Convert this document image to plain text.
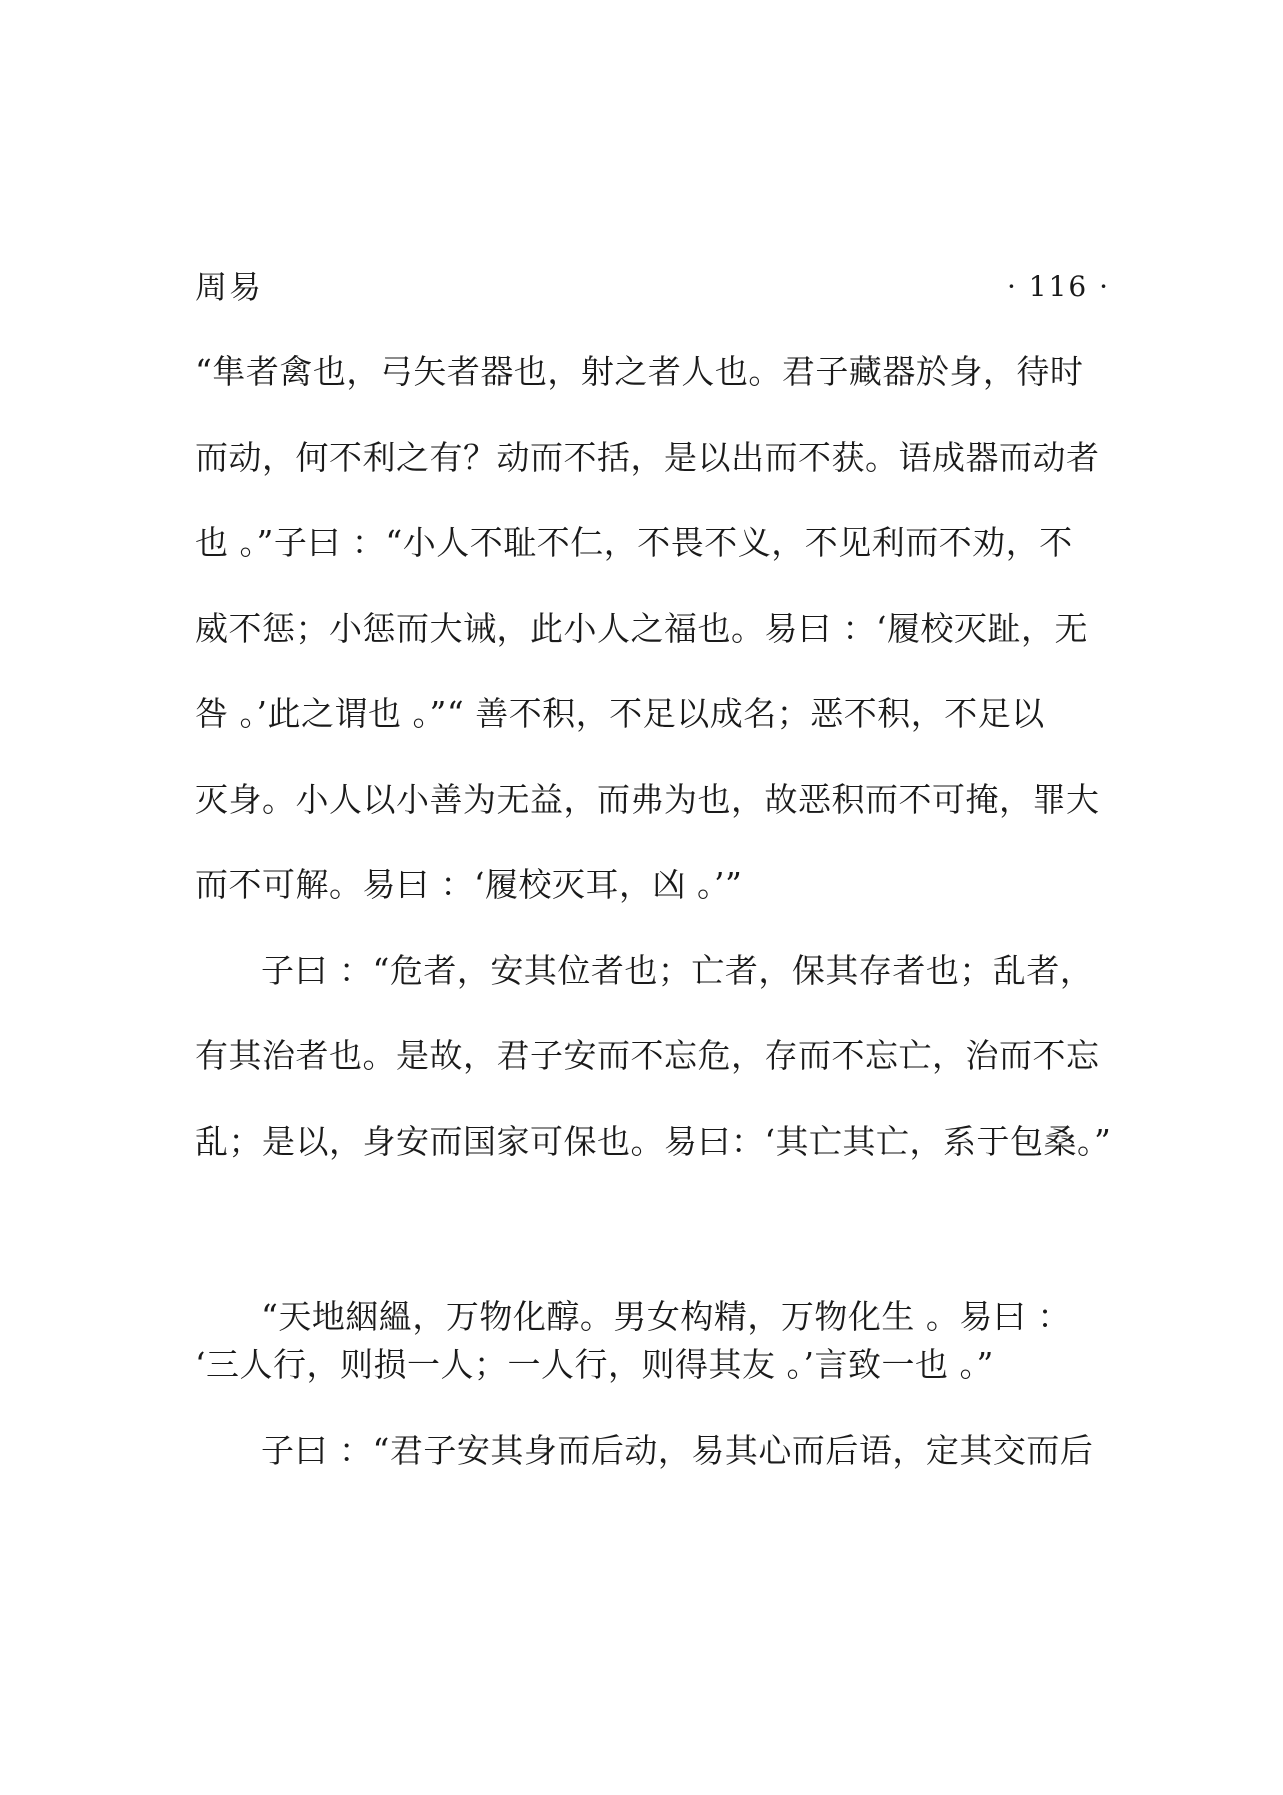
周易	· 116 ·
“隼者禽也，弓矢者器也，射之者人也。君子藏器於身，待时
而动，何不利之有？动而不括，是以出而不获。语成器而动者
也 。”子曰 ：“小人不耻不仁，不畏不义，不见利而不劝，不
威不惩；小惩而大诫，此小人之福也。易曰 ：‘履校灭趾，无
咎 。’此之谓也 。”“ 善不积，不足以成名；恶不积，不足以
灭身。小人以小善为无益，而弗为也，故恶积而不可掩，罪大
而不可解。易曰 ：‘履校灭耳，凶 。’”
子曰 ：“危者，安其位者也；亡者，保其存者也；乱者，
有其治者也。是故，君子安而不忘危，存而不忘亡，治而不忘
乱；是以，身安而国家可保也。易曰：‘其亡其亡，系于包桑。”
“天地絪縕，万物化醇。男女构精，万物化生 。易曰 ：
‘三人行，则损一人；一人行，则得其友 。’言致一也 。”
子曰 ：“君子安其身而后动，易其心而后语，定其交而后
